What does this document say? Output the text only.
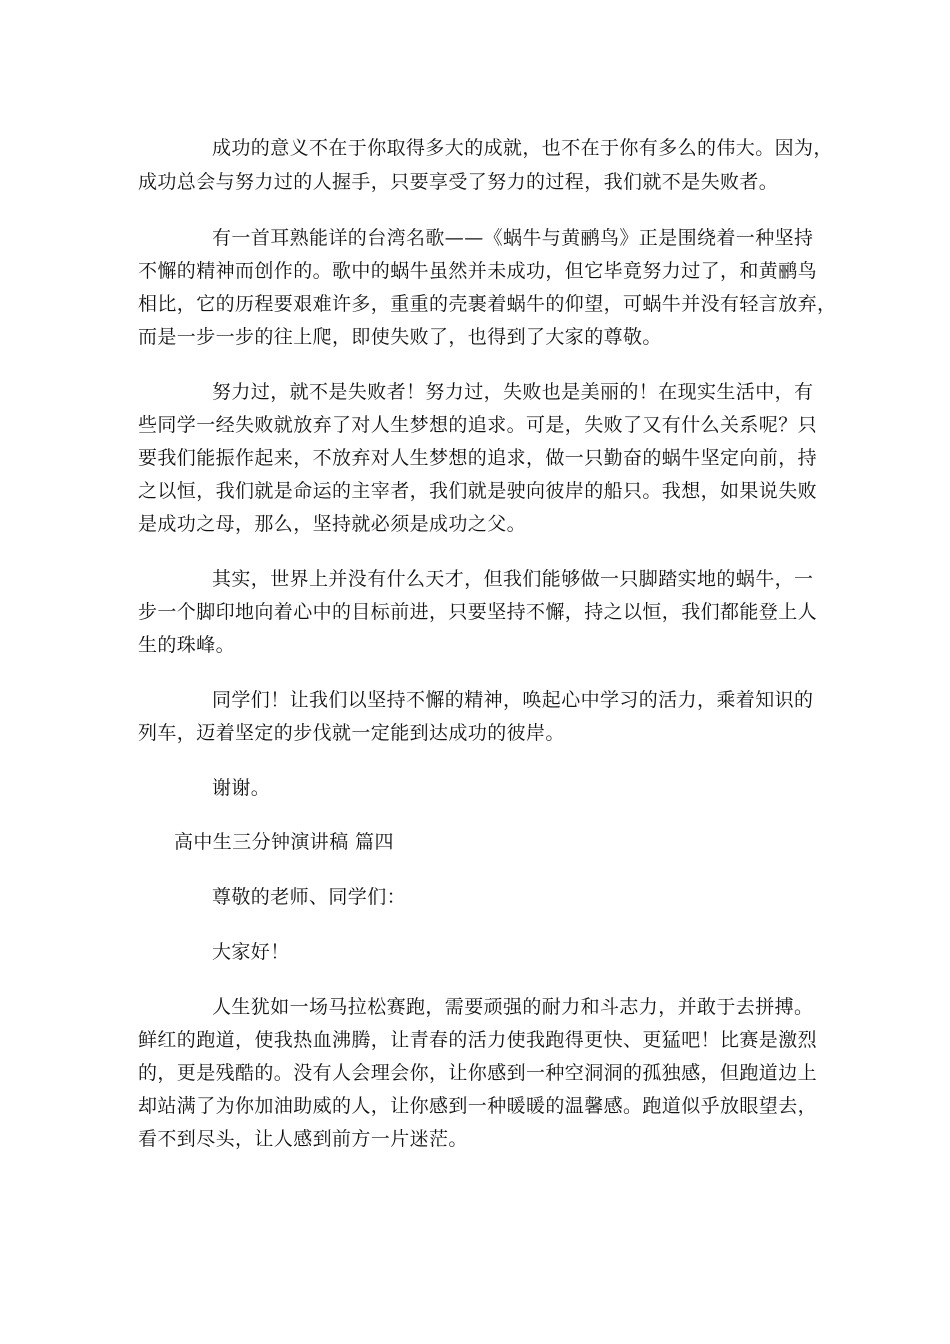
成功的意义不在于你取得多大的成就，也不在于你有多么的伟大。因为，
成功总会与努力过的人握手，只要享受了努力的过程，我们就不是失败者。
有一首耳熟能详的台湾名歌——《蜗牛与黄鹂鸟》正是围绕着一种坚持
不懈的精神而创作的。歌中的蜗牛虽然并未成功，但它毕竟努力过了，和黄鹂鸟
相比，它的历程要艰难许多，重重的壳裹着蜗牛的仰望，可蜗牛并没有轻言放弃，
而是一步一步的往上爬，即使失败了，也得到了大家的尊敬。
努力过，就不是失败者！努力过，失败也是美丽的！在现实生活中，有
些同学一经失败就放弃了对人生梦想的追求。可是，失败了又有什么关系呢？只
要我们能振作起来，不放弃对人生梦想的追求，做一只勤奋的蜗牛坚定向前，持
之以恒，我们就是命运的主宰者，我们就是驶向彼岸的船只。我想，如果说失败
是成功之母，那么，坚持就必须是成功之父。
其实，世界上并没有什么天才，但我们能够做一只脚踏实地的蜗牛，一
步一个脚印地向着心中的目标前进，只要坚持不懈，持之以恒，我们都能登上人
生的珠峰。
同学们！让我们以坚持不懈的精神，唤起心中学习的活力，乘着知识的
列车，迈着坚定的步伐就一定能到达成功的彼岸。
谢谢。
高中生三分钟演讲稿 篇四
尊敬的老师、同学们：
大家好！
人生犹如一场马拉松赛跑，需要顽强的耐力和斗志力，并敢于去拼搏。
鲜红的跑道，使我热血沸腾，让青春的活力使我跑得更快、更猛吧！比赛是激烈
的，更是残酷的。没有人会理会你，让你感到一种空洞洞的孤独感，但跑道边上
却站满了为你加油助威的人，让你感到一种暖暖的温馨感。跑道似乎放眼望去，
看不到尽头，让人感到前方一片迷茫。
